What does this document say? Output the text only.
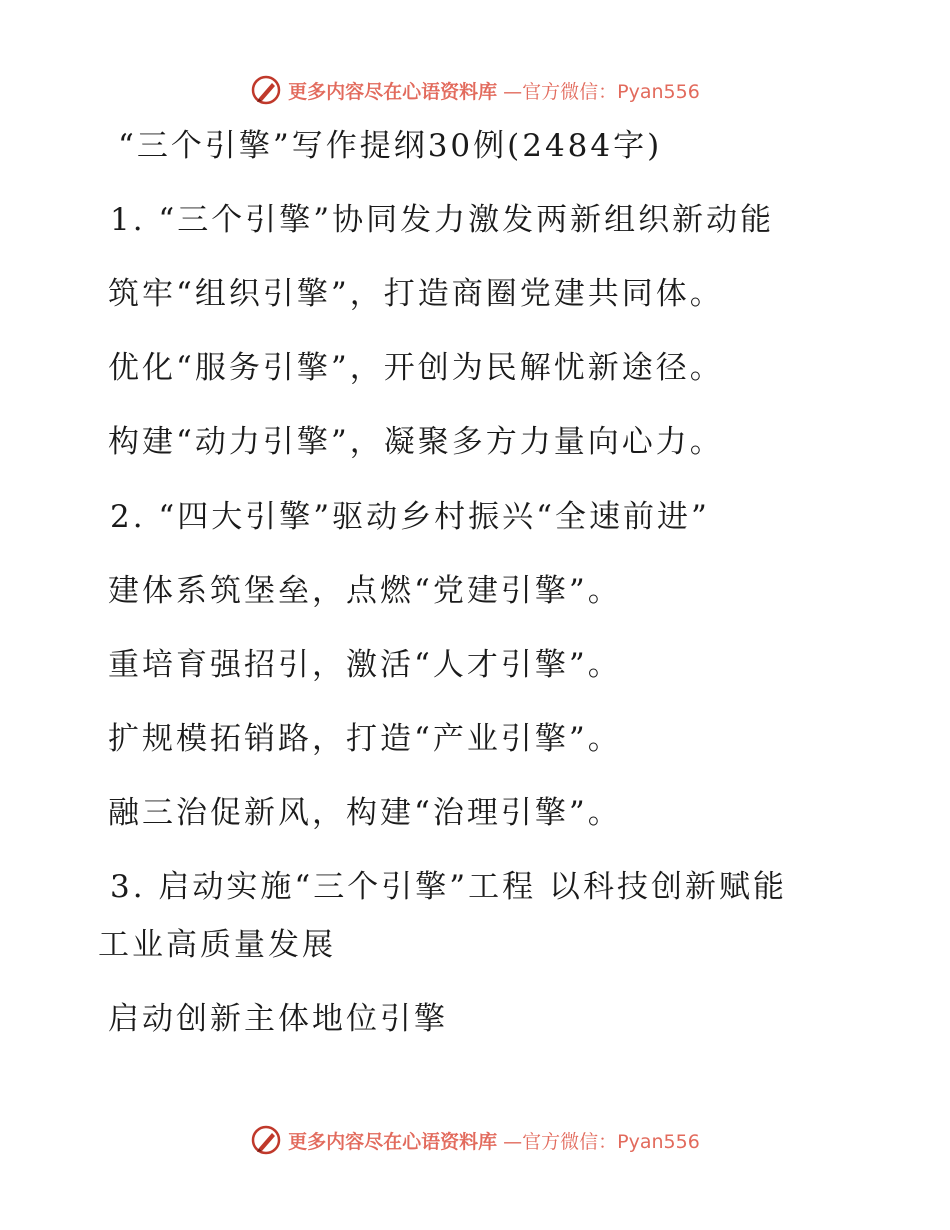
更多内容尽在心语资料库 —官方微信：Pyan556

“三个引擎”写作提纲30例(2484字)

1. “三个引擎”协同发力激发两新组织新动能

筑牢“组织引擎”，打造商圈党建共同体。

优化“服务引擎”，开创为民解忧新途径。

构建“动力引擎”，凝聚多方力量向心力。

2. “四大引擎”驱动乡村振兴“全速前进”

建体系筑堡垒，点燃“党建引擎”。

重培育强招引，激活“人才引擎”。

扩规模拓销路，打造“产业引擎”。

融三治促新风，构建“治理引擎”。

3. 启动实施“三个引擎”工程 以科技创新赋能

工业高质量发展

启动创新主体地位引擎

更多内容尽在心语资料库 —官方微信：Pyan556
